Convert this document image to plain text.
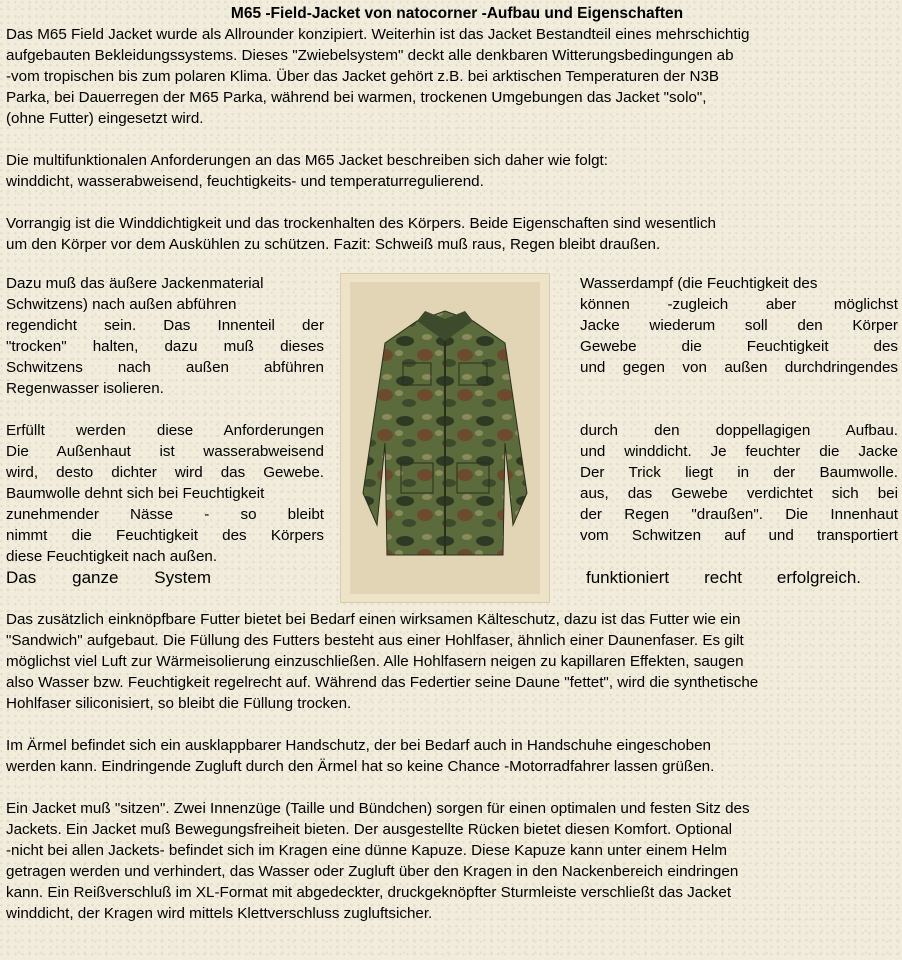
M65 -Field-Jacket von natocorner -Aufbau und Eigenschaften

Das M65 Field Jacket wurde als Allrounder konzipiert. Weiterhin ist das Jacket Bestandteil eines mehrschichtig

aufgebauten Bekleidungssystems. Dieses "Zwiebelsystem" deckt alle denkbaren Witterungsbedingungen ab

-vom tropischen bis zum polaren Klima. Über das Jacket gehört z.B. bei arktischen Temperaturen der N3B

Parka, bei Dauerregen der M65 Parka, während bei warmen, trockenen Umgebungen das Jacket "solo",

(ohne Futter) eingesetzt wird.

Die multifunktionalen Anforderungen an das M65 Jacket beschreiben sich daher wie folgt:

winddicht, wasserabweisend, feuchtigkeits- und temperaturregulierend.

Vorrangig ist die Winddichtigkeit und das trockenhalten des Körpers. Beide Eigenschaften sind wesentlich

um den Körper vor dem Auskühlen zu schützen. Fazit: Schweiß muß raus, Regen bleibt draußen.

Dazu muß das äußere Jackenmaterial
Schwitzens) nach außen abführen
regendicht sein. Das Innenteil der
"trocken" halten, dazu muß dieses
Schwitzens nach außen abführen
Regenwasser isolieren.
Wasserdampf (die Feuchtigkeit des
können -zugleich aber möglichst
Jacke wiederum soll den Körper
Gewebe die Feuchtigkeit des
und gegen von außen durchdringendes
Erfüllt werden diese Anforderungen
Die Außenhaut ist wasserabweisend
wird, desto dichter wird das Gewebe.
Baumwolle dehnt sich bei Feuchtigkeit
zunehmender Nässe - so bleibt
nimmt die Feuchtigkeit des Körpers
diese Feuchtigkeit nach außen.
Das ganze System
durch den doppellagigen Aufbau.
und winddicht. Je feuchter die Jacke
Der Trick liegt in der Baumwolle.
aus, das Gewebe verdichtet sich bei
der Regen "draußen". Die Innenhaut
vom Schwitzen auf und transportiert
funktioniert recht erfolgreich.

Das zusätzlich einknöpfbare Futter bietet bei Bedarf einen wirksamen Kälteschutz, dazu ist das Futter wie ein

"Sandwich" aufgebaut. Die Füllung des Futters besteht aus einer Hohlfaser, ähnlich einer Daunenfaser. Es gilt

möglichst viel Luft zur Wärmeisolierung einzuschließen. Alle Hohlfasern neigen zu kapillaren Effekten, saugen

also Wasser bzw. Feuchtigkeit regelrecht auf. Während das Federtier seine Daune "fettet", wird die synthetische

Hohlfaser siliconisiert, so bleibt die Füllung trocken.

Im Ärmel befindet sich ein ausklappbarer Handschutz, der bei Bedarf auch in Handschuhe eingeschoben

werden kann. Eindringende Zugluft durch den Ärmel hat so keine Chance -Motorradfahrer lassen grüßen.

Ein Jacket muß "sitzen". Zwei Innenzüge (Taille und Bündchen) sorgen für einen optimalen und festen Sitz des

Jackets. Ein Jacket muß Bewegungsfreiheit bieten. Der ausgestellte Rücken bietet diesen Komfort. Optional

-nicht bei allen Jackets- befindet sich im Kragen eine dünne Kapuze. Diese Kapuze kann unter einem Helm

getragen werden und verhindert, das Wasser oder Zugluft über den Kragen in den Nackenbereich eindringen

kann. Ein Reißverschluß im XL-Format mit abgedeckter, druckgeknöpfter Sturmleiste verschließt das Jacket

winddicht, der Kragen wird mittels Klettverschluss zugluftsicher.
